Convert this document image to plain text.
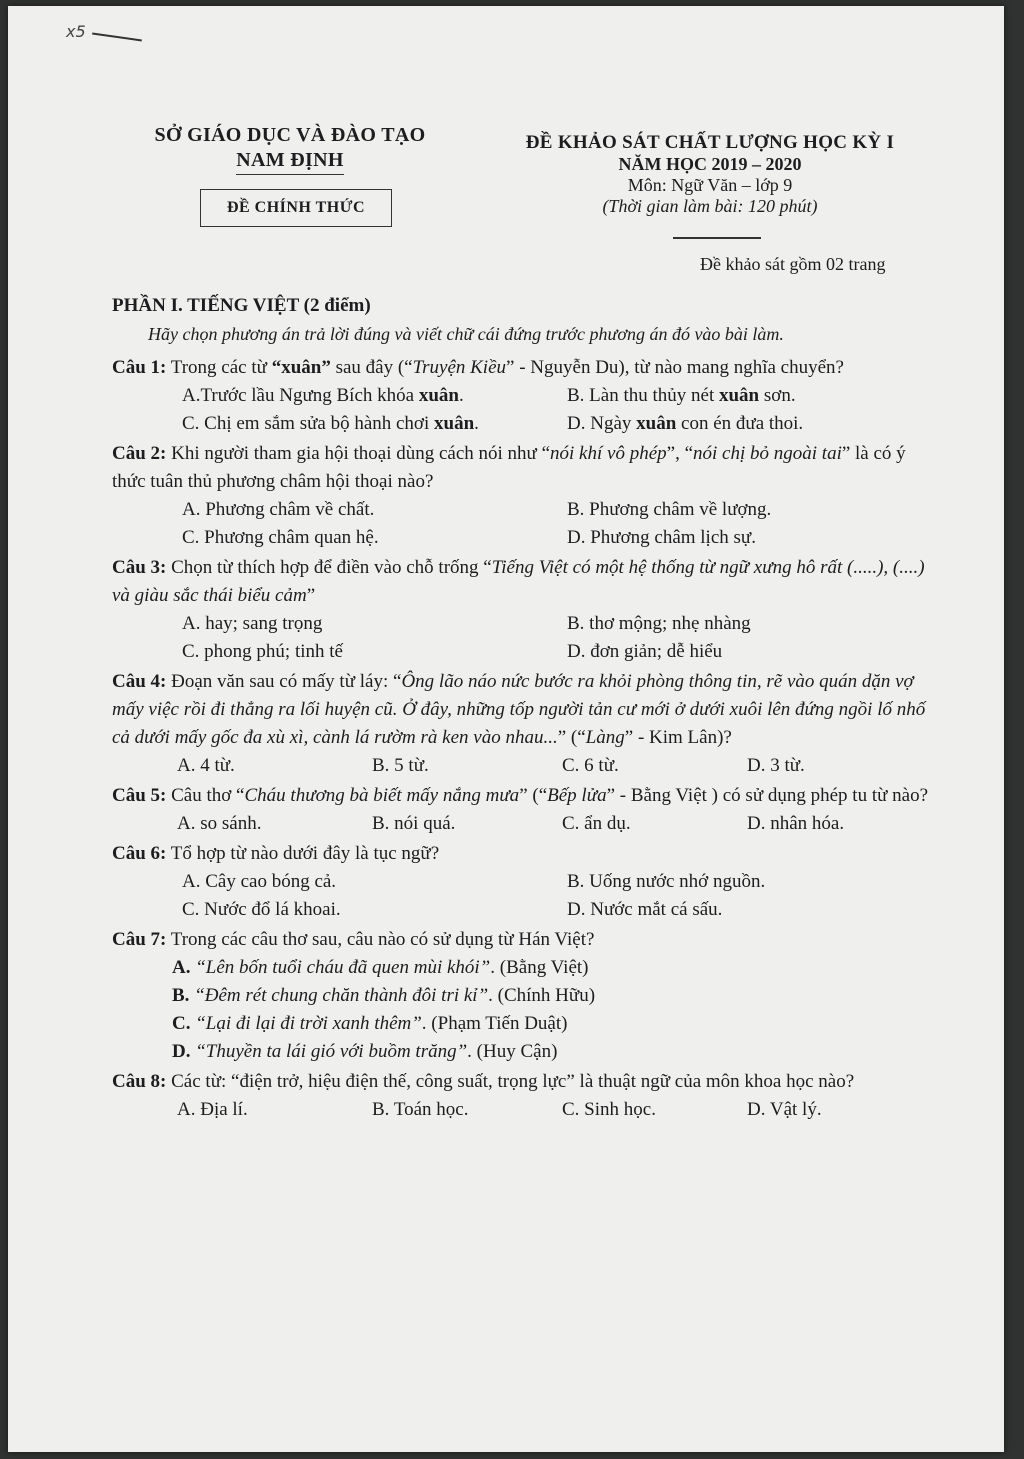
x5
SỞ GIÁO DỤC VÀ ĐÀO TẠO
NAM ĐỊNH
ĐỀ CHÍNH THỨC
ĐỀ KHẢO SÁT CHẤT LƯỢNG HỌC KỲ I
NĂM HỌC 2019 – 2020
Môn: Ngữ Văn – lớp 9
(Thời gian làm bài: 120 phút)
Đề khảo sát gồm 02 trang
PHẦN I. TIẾNG VIỆT (2 điểm)
Hãy chọn phương án trả lời đúng và viết chữ cái đứng trước phương án đó vào bài làm.
Câu 1: Trong các từ “xuân” sau đây (“Truyện Kiều” - Nguyễn Du), từ nào mang nghĩa chuyển?
A.Trước lầu Ngưng Bích khóa xuân.	B. Làn thu thủy nét xuân sơn.
C. Chị em sắm sửa bộ hành chơi xuân.	D. Ngày xuân con én đưa thoi.
Câu 2: Khi người tham gia hội thoại dùng cách nói như “nói khí vô phép”, “nói chị bỏ ngoài tai” là có ý thức tuân thủ phương châm hội thoại nào?
A. Phương châm về chất.	B. Phương châm về lượng.
C. Phương châm quan hệ.	D. Phương châm lịch sự.
Câu 3: Chọn từ thích hợp để điền vào chỗ trống “Tiếng Việt có một hệ thống từ ngữ xưng hô rất (.....), (....) và giàu sắc thái biểu cảm”
A. hay; sang trọng	B. thơ mộng; nhẹ nhàng
C. phong phú; tinh tế	D. đơn giản; dễ hiểu
Câu 4: Đoạn văn sau có mấy từ láy: “Ông lão náo nức bước ra khỏi phòng thông tin, rẽ vào quán dặn vợ mấy việc rồi đi thẳng ra lối huyện cũ. Ở đây, những tốp người tản cư mới ở dưới xuôi lên đứng ngồi lố nhố cả dưới mấy gốc đa xù xì, cành lá rườm rà ken vào nhau...” (“Làng” - Kim Lân)?
A. 4 từ.	B. 5 từ.	C. 6 từ.	D. 3 từ.
Câu 5: Câu thơ “Cháu thương bà biết mấy nắng mưa” (“Bếp lửa” - Bằng Việt ) có sử dụng phép tu từ nào?
A. so sánh.	B. nói quá.	C. ẩn dụ.	D. nhân hóa.
Câu 6: Tổ hợp từ nào dưới đây là tục ngữ?
A. Cây cao bóng cả.	B. Uống nước nhớ nguồn.
C. Nước đổ lá khoai.	D. Nước mắt cá sấu.
Câu 7: Trong các câu thơ sau, câu nào có sử dụng từ Hán Việt?
A. “Lên bốn tuổi cháu đã quen mùi khói”. (Bằng Việt)
B. “Đêm rét chung chăn thành đôi tri kỉ”. (Chính Hữu)
C. “Lại đi lại đi trời xanh thêm”. (Phạm Tiến Duật)
D. “Thuyền ta lái gió với buồm trăng”. (Huy Cận)
Câu 8: Các từ: “điện trở, hiệu điện thế, công suất, trọng lực” là thuật ngữ của môn khoa học nào?
A. Địa lí.	B. Toán học.	C. Sinh học.	D. Vật lý.
